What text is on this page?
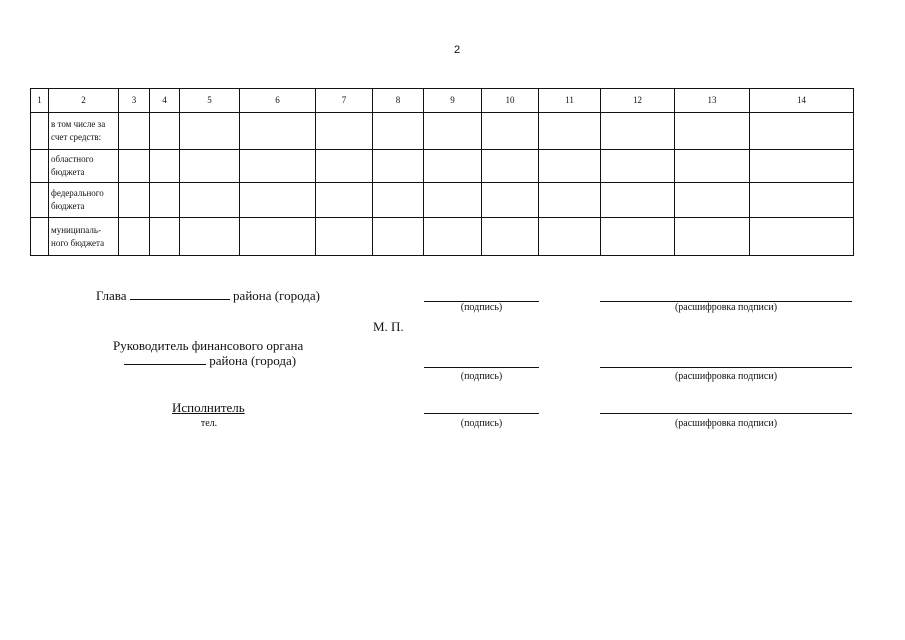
2
1	2	3	4	5	6	7	8	9	10	11	12	13	14
	в том числе за счет средств:												
	областного бюджета												
	федерального бюджета												
	муниципаль-ного бюджета												
Глава	района (города)
(подпись)	(расшифровка подписи)
М. П.
Руководитель финансового органа
района (города)
(подпись)	(расшифровка подписи)
Исполнитель
тел.	(подпись)	(расшифровка подписи)
